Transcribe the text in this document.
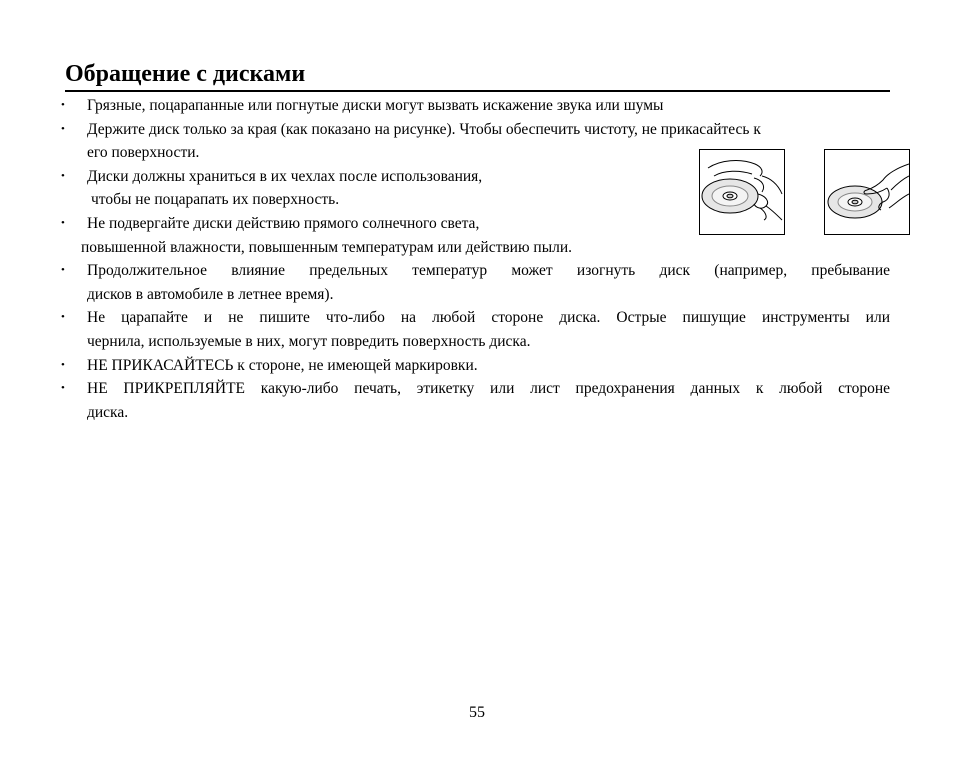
Обращение с дисками
• Грязные, поцарапанные или погнутые диски могут вызвать искажение звука или шумы
• Держите диск только за края (как показано на рисунке). Чтобы обеспечить чистоту, не прикасайтесь к
его поверхности.
• Диски должны храниться в их чехлах после использования,
чтобы не поцарапать их поверхность.
• Не подвергайте диски действию прямого солнечного света,
повышенной влажности, повышенным температурам или действию пыли.
• Продолжительное влияние предельных температур может изогнуть диск (например, пребывание
дисков в автомобиле в летнее время).
• Не царапайте и не пишите что-либо на любой стороне диска. Острые пишущие инструменты или
чернила, используемые в них, могут повредить поверхность диска.
• НЕ ПРИКАСАЙТЕСЬ к стороне, не имеющей маркировки.
• НЕ ПРИКРЕПЛЯЙТЕ какую-либо печать, этикетку или лист предохранения данных к любой стороне
диска.
55
